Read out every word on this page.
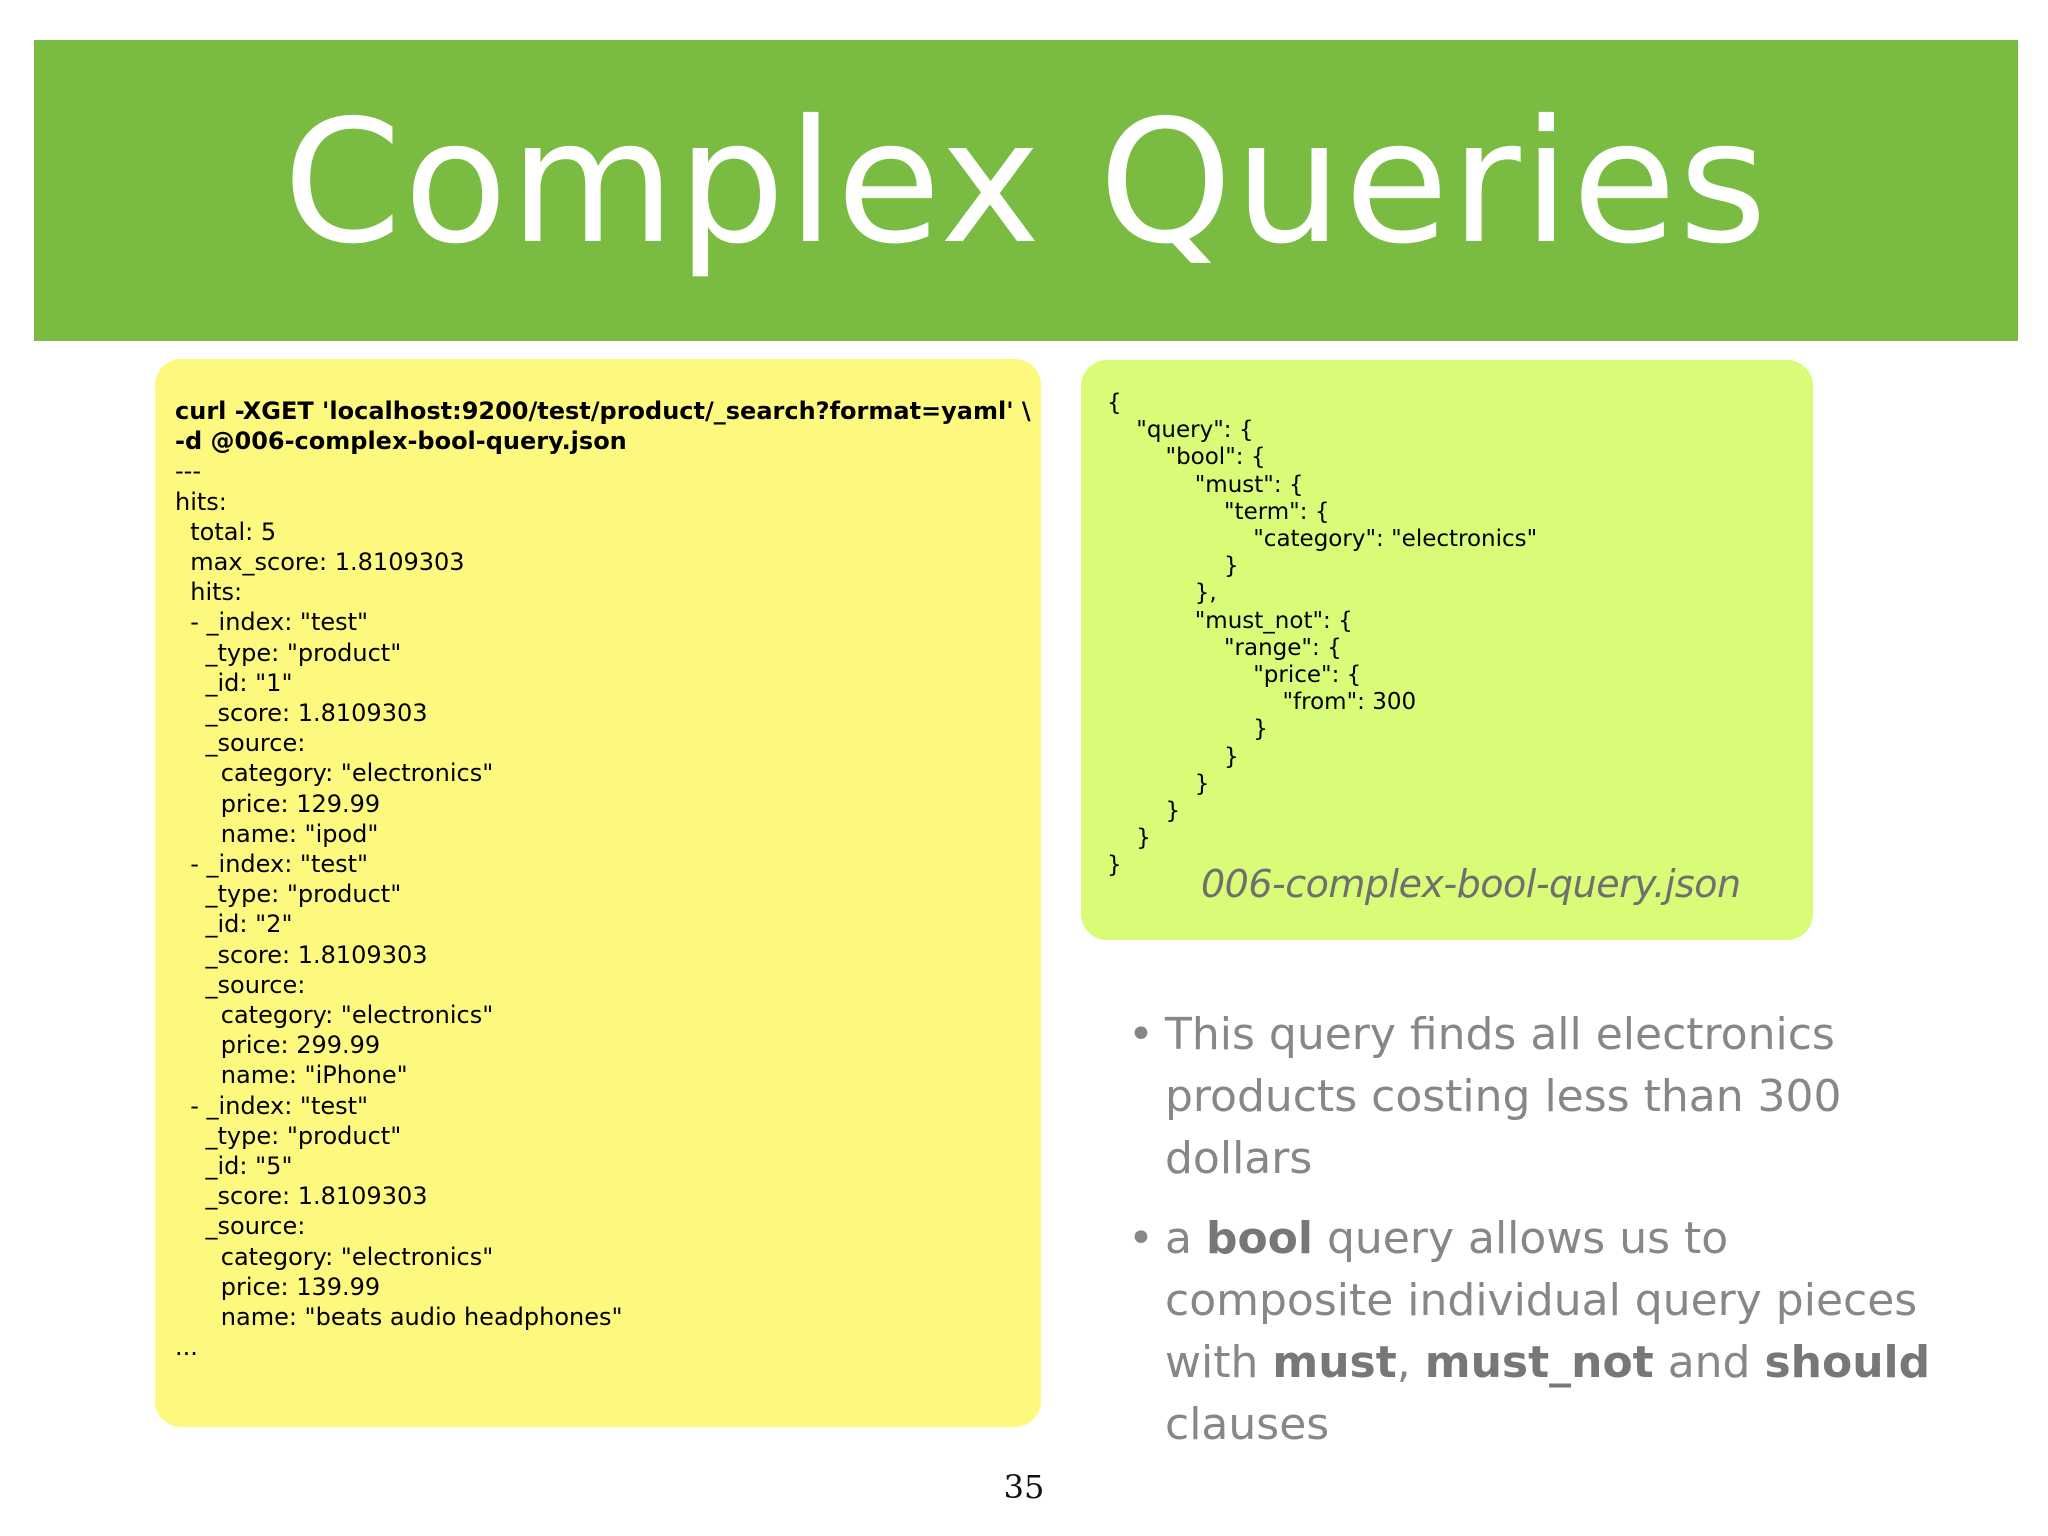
Complex Queries
curl -XGET 'localhost:9200/test/product/_search?format=yaml' \
-d @006-complex-bool-query.json
---
hits:
total: 5
max_score: 1.8109303
hits:
- _index: "test"
_type: "product"
_id: "1"
_score: 1.8109303
_source:
category: "electronics"
price: 129.99
name: "ipod"
- _index: "test"
_type: "product"
_id: "2"
_score: 1.8109303
_source:
category: "electronics"
price: 299.99
name: "iPhone"
- _index: "test"
_type: "product"
_id: "5"
_score: 1.8109303
_source:
category: "electronics"
price: 139.99
name: "beats audio headphones"
...
{
"query": {
"bool": {
"must": {
"term": {
"category": "electronics"
}
},
"must_not": {
"range": {
"price": {
"from": 300
}
}
}
}
}
}	006-complex-bool-query.json
• This query finds all electronics products costing less than 300 dollars
• a bool query allows us to composite individual query pieces with must, must_not and should clauses
35
